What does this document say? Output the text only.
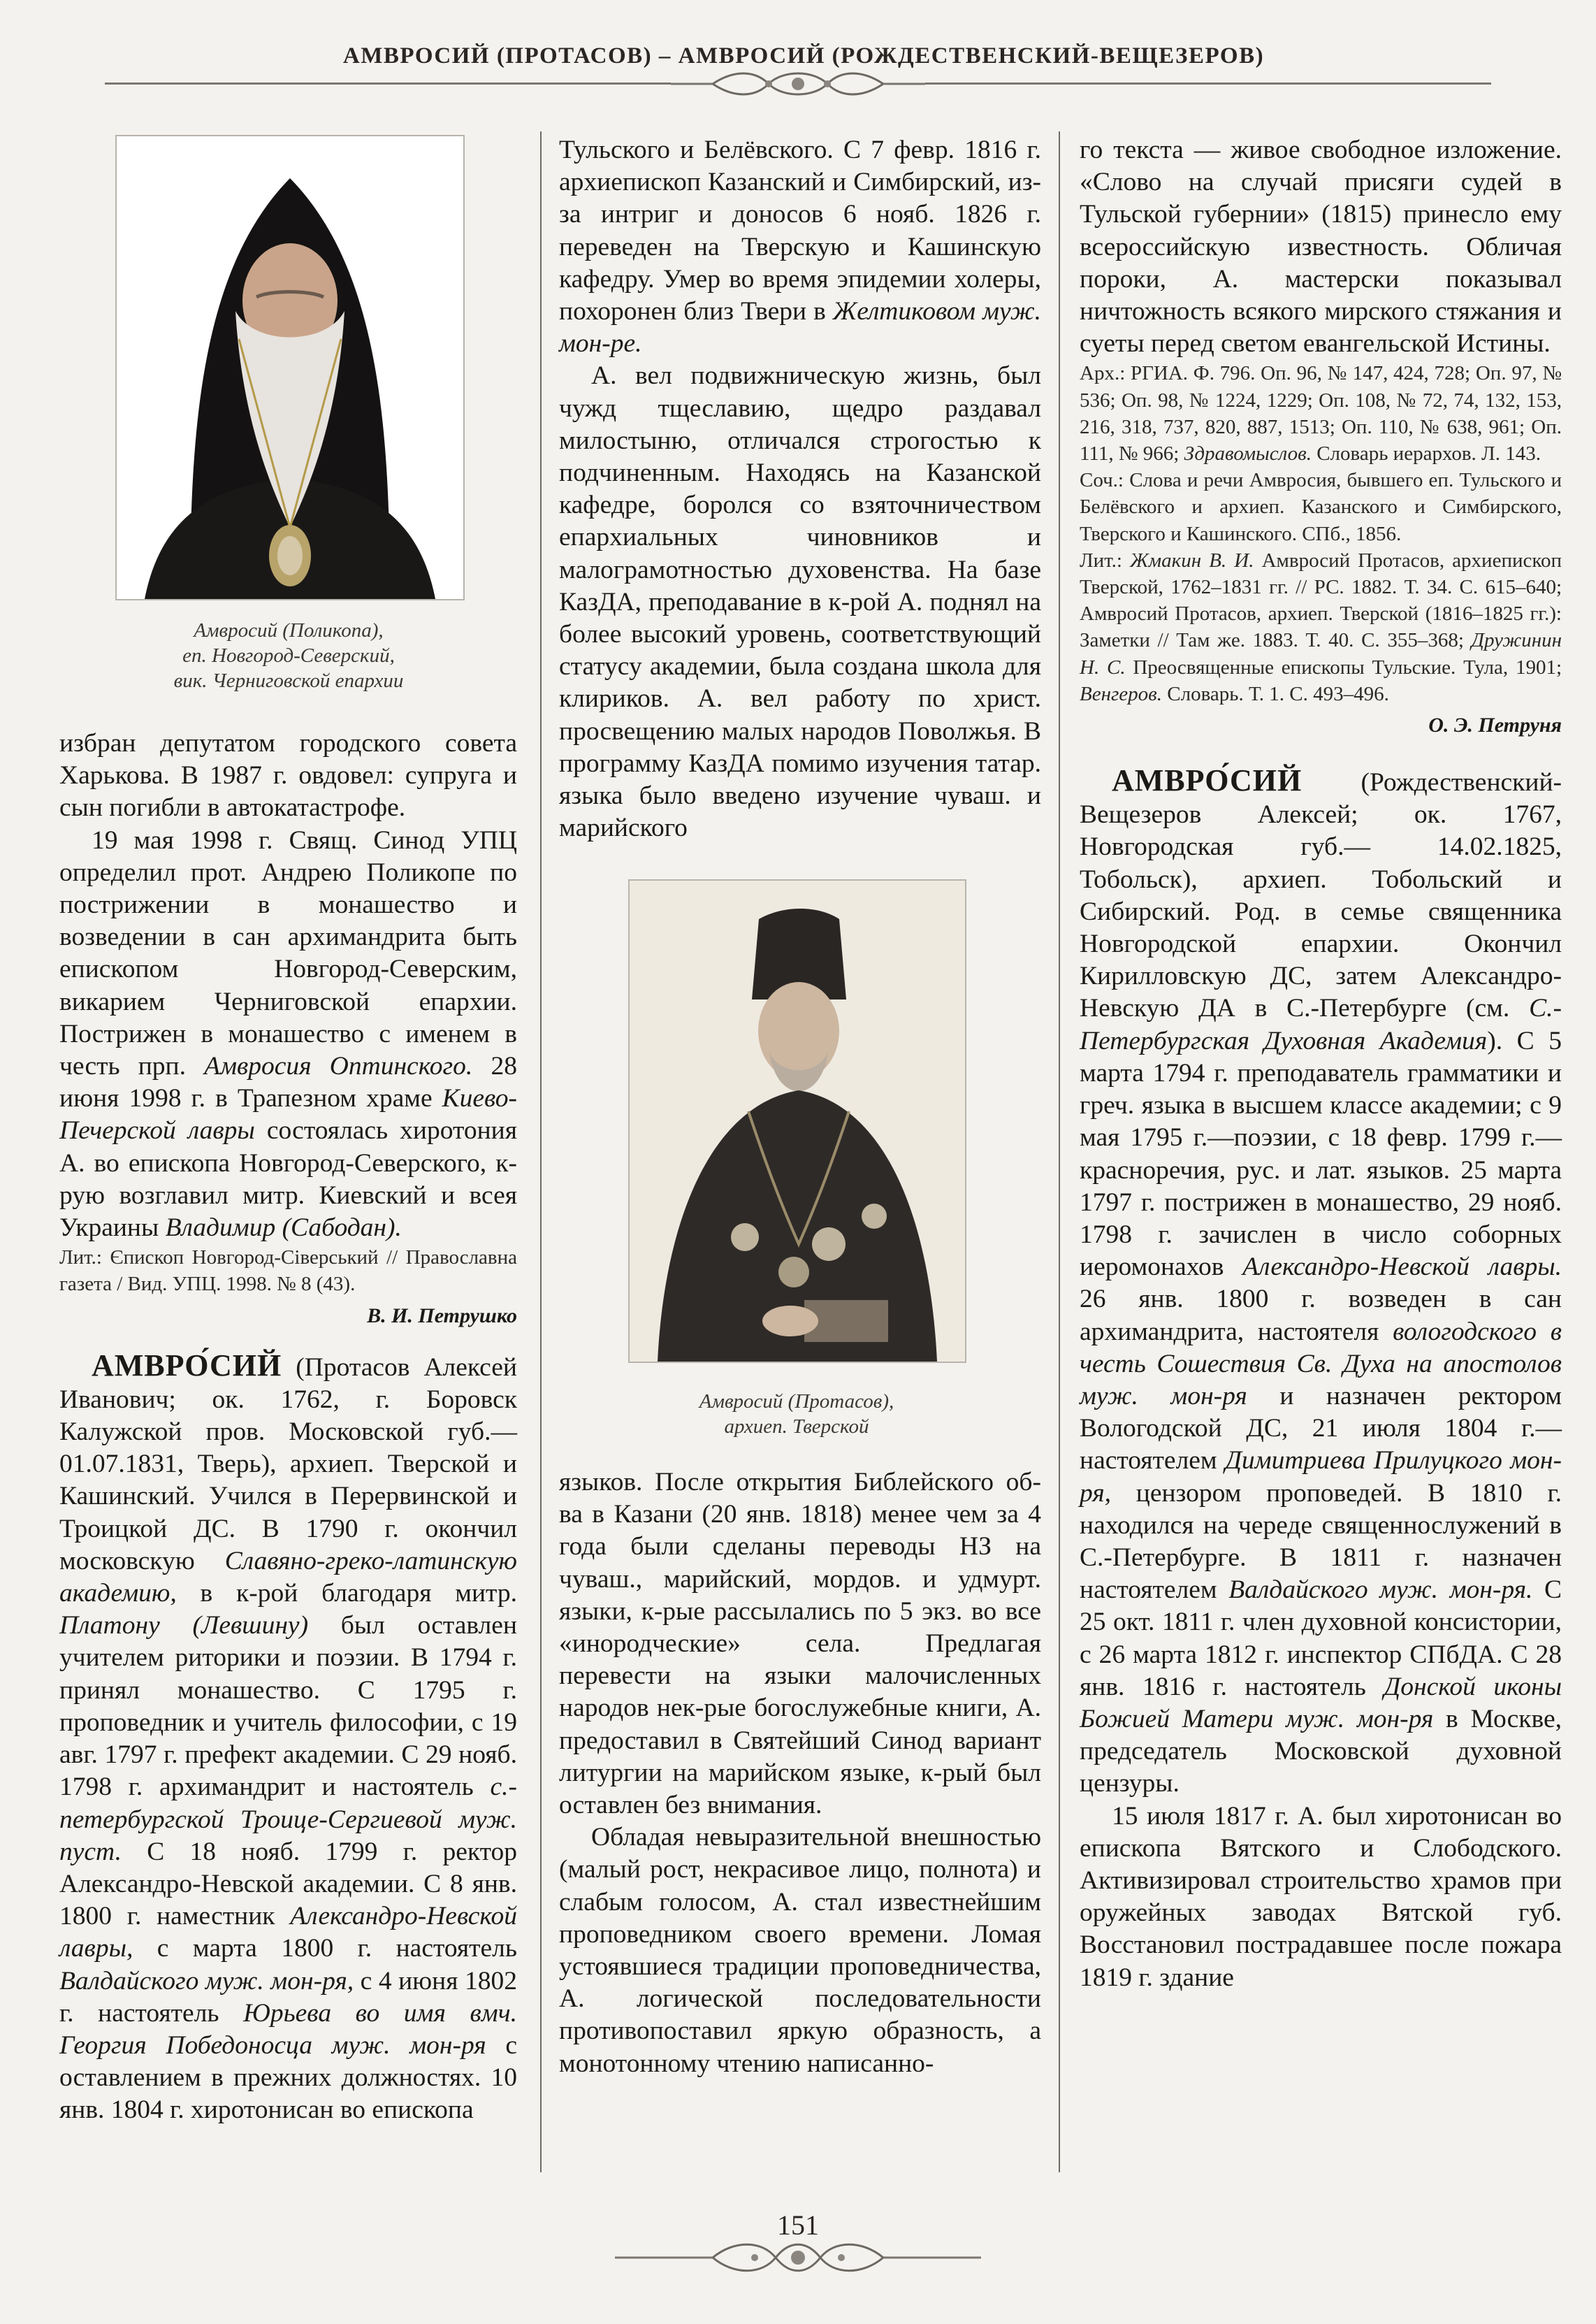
АМВРОСИЙ (ПРОТАСОВ) – АМВРОСИЙ (РОЖДЕСТВЕНСКИЙ-ВЕЩЕЗЕРОВ)
Амвросий (Поликопа),
еп. Новгород-Северский,
вик. Черниговской епархии
Амвросий (Протасов),
архиеп. Тверской

избран депутатом городского совета Харькова. В 1987 г. овдовел: супруга и сын погибли в автокатастрофе.

19 мая 1998 г. Свящ. Синод УПЦ определил прот. Андрею Поликопе по пострижении в монашество и возведении в сан архимандрита быть епископом Новгород-Северским, викарием Черниговской епархии. Пострижен в монашество с именем в честь прп. Амвросия Оптинского. 28 июня 1998 г. в Трапезном храме Киево-Печерской лавры состоялась хиротония А. во епископа Новгород-Северского, к-рую возглавил митр. Киевский и всея Украины Владимир (Сабодан).

Лит.: Єпископ Новгород-Сіверський // Православна газета / Вид. УПЦ. 1998. № 8 (43).

В. И. Петрушко

АМВРО́СИЙ (Протасов Алексей Иванович; ок. 1762, г. Боровск Калужской пров. Московской губ.— 01.07.1831, Тверь), архиеп. Тверской и Кашинский. Учился в Перервинской и Троицкой ДС. В 1790 г. окончил московскую Славяно-греко-латинскую академию, в к-рой благодаря митр. Платону (Левшину) был оставлен учителем риторики и поэзии. В 1794 г. принял монашество. С 1795 г. проповедник и учитель философии, с 19 авг. 1797 г. префект академии. С 29 нояб. 1798 г. архимандрит и настоятель с.-петербургской Троице-Сергиевой муж. пуст. С 18 нояб. 1799 г. ректор Александро-Невской академии. С 8 янв. 1800 г. наместник Александро-Невской лавры, с марта 1800 г. настоятель Валдайского муж. мон-ря, с 4 июня 1802 г. настоятель Юрьева во имя вмч. Георгия Победоносца муж. мон-ря с оставлением в прежних должностях. 10 янв. 1804 г. хиротонисан во епископа

Тульского и Белёвского. С 7 февр. 1816 г. архиепископ Казанский и Симбирский, из-за интриг и доносов 6 нояб. 1826 г. переведен на Тверскую и Кашинскую кафедру. Умер во время эпидемии холеры, похоронен близ Твери в Желтиковом муж. мон-ре.

А. вел подвижническую жизнь, был чужд тщеславию, щедро раздавал милостыню, отличался строгостью к подчиненным. Находясь на Казанской кафедре, боролся со взяточничеством епархиальных чиновников и малограмотностью духовенства. На базе КазДА, преподавание в к-рой А. поднял на более высокий уровень, соответствующий статусу академии, была создана школа для клириков. А. вел работу по христ. просвещению малых народов Поволжья. В программу КазДА помимо изучения татар. языка было введено изучение чуваш. и марийского

языков. После открытия Библейского об-ва в Казани (20 янв. 1818) менее чем за 4 года были сделаны переводы НЗ на чуваш., марийский, мордов. и удмурт. языки, к-рые рассылались по 5 экз. во все «инородческие» села. Предлагая перевести на языки малочисленных народов нек-рые богослужебные книги, А. предоставил в Святейший Синод вариант литургии на марийском языке, к-рый был оставлен без внимания.

Обладая невыразительной внешностью (малый рост, некрасивое лицо, полнота) и слабым голосом, А. стал известнейшим проповедником своего времени. Ломая устоявшиеся традиции проповедничества, А. логической последовательности противопоставил яркую образность, а монотонному чтению написанно-

го текста — живое свободное изложение. «Слово на случай присяги судей в Тульской губернии» (1815) принесло ему всероссийскую известность. Обличая пороки, А. мастерски показывал ничтожность всякого мирского стяжания и суеты перед светом евангельской Истины.

Арх.: РГИА. Ф. 796. Оп. 96, № 147, 424, 728; Оп. 97, № 536; Оп. 98, № 1224, 1229; Оп. 108, № 72, 74, 132, 153, 216, 318, 737, 820, 887, 1513; Оп. 110, № 638, 961; Оп. 111, № 966; Здравомыслов. Словарь иерархов. Л. 143.

Соч.: Слова и речи Амвросия, бывшего еп. Тульского и Белёвского и архиеп. Казанского и Симбирского, Тверского и Кашинского. СПб., 1856.

Лит.: Жмакин В. И. Амвросий Протасов, архиепископ Тверской, 1762–1831 гг. // РС. 1882. Т. 34. С. 615–640; Амвросий Протасов, архиеп. Тверской (1816–1825 гг.): Заметки // Там же. 1883. Т. 40. С. 355–368; Дружинин Н. С. Преосвященные епископы Тульские. Тула, 1901; Венгеров. Словарь. Т. 1. С. 493–496.

О. Э. Петруня

АМВРО́СИЙ (Рождественский-Вещезеров Алексей; ок. 1767, Новгородская губ.— 14.02.1825, Тобольск), архиеп. Тобольский и Сибирский. Род. в семье священника Новгородской епархии. Окончил Кирилловскую ДС, затем Александро-Невскую ДА в С.-Петербурге (см. С.-Петербургская Духовная Академия). С 5 марта 1794 г. преподаватель грамматики и греч. языка в высшем классе академии; с 9 мая 1795 г.—поэзии, с 18 февр. 1799 г.—красноречия, рус. и лат. языков. 25 марта 1797 г. пострижен в монашество, 29 нояб. 1798 г. зачислен в число соборных иеромонахов Александро-Невской лавры. 26 янв. 1800 г. возведен в сан архимандрита, настоятеля вологодского в честь Сошествия Св. Духа на апостолов муж. мон-ря и назначен ректором Вологодской ДС, 21 июля 1804 г.— настоятелем Димитриева Прилуцкого мон-ря, цензором проповедей. В 1810 г. находился на череде священнослужений в С.-Петербурге. В 1811 г. назначен настоятелем Валдайского муж. мон-ря. С 25 окт. 1811 г. член духовной консистории, с 26 марта 1812 г. инспектор СПбДА. С 28 янв. 1816 г. настоятель Донской иконы Божией Матери муж. мон-ря в Москве, председатель Московской духовной цензуры.

15 июля 1817 г. А. был хиротонисан во епископа Вятского и Слободского. Активизировал строительство храмов при оружейных заводах Вятской губ. Восстановил пострадавшее после пожара 1819 г. здание

151
